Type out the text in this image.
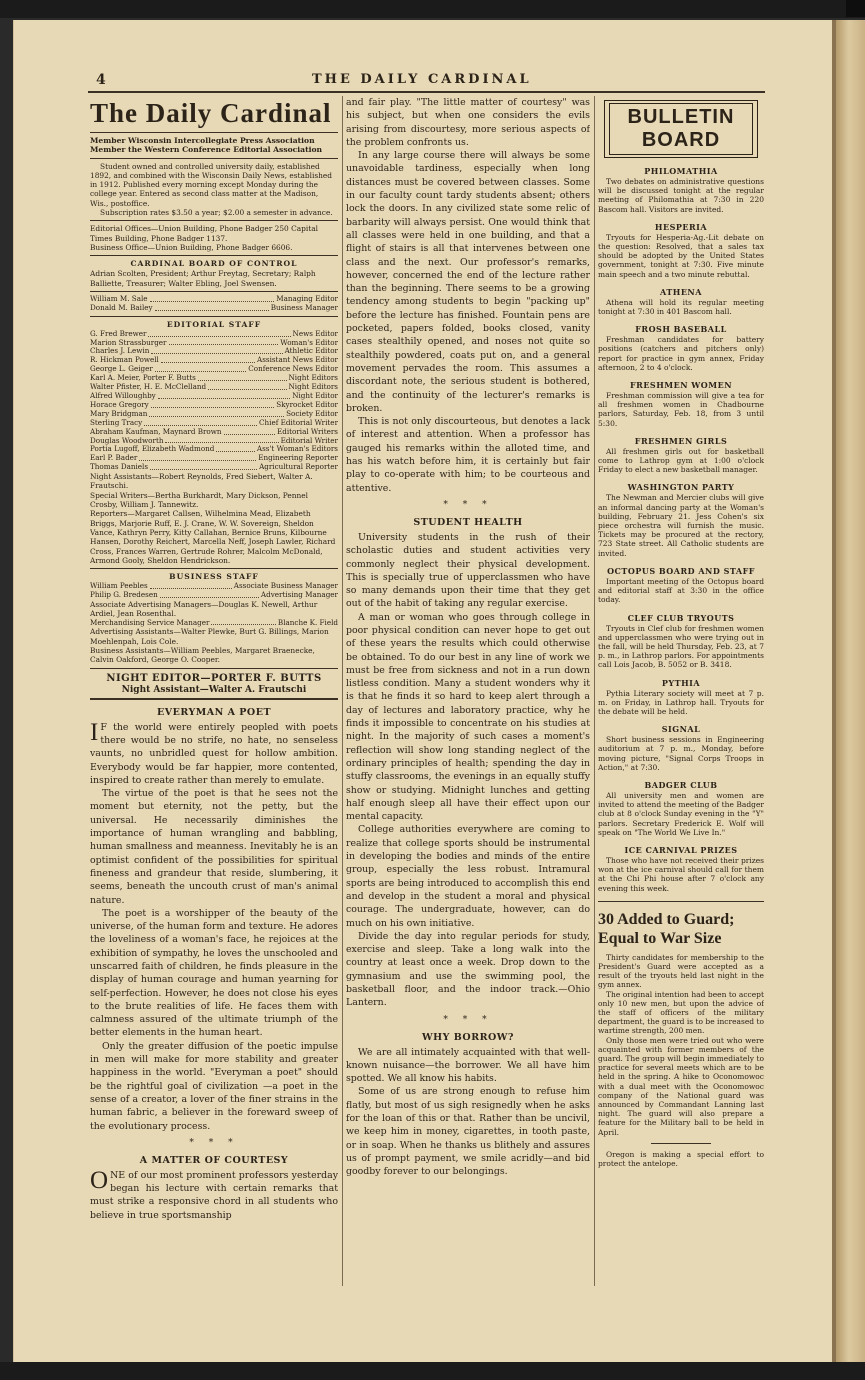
4	THE DAILY CARDINAL
The Daily Cardinal

Member Wisconsin Intercollegiate Press Association Member the Western Conference Editorial Association

Student owned and controlled university daily, established 1892, and combined with the Wisconsin Daily News, established in 1912. Published every morning except Monday during the college year. Entered as second class matter at the Madison, Wis., postoffice.

Subscription rates $3.50 a year; $2.00 a semester in advance.

Editorial Offices—Union Building, Phone Badger 250 Capital Times Building, Phone Badger 1137.

Business Office—Union Building, Phone Badger 6606.

CARDINAL BOARD OF CONTROL

Adrian Scolten, President; Arthur Freytag, Secretary; Ralph Balliette, Treasurer; Walter Ebling, Joel Swensen.

William M. Sale	Managing Editor
Donald M. Bailey	Business Manager
EDITORIAL STAFF
G. Fred Brewer	News Editor
Marion Strassburger	Woman's Editor
Charles J. Lewin	Athletic Editor
R. Hickman Powell	Assistant News Editor
George L. Geiger	Conference News Editor
Karl A. Meier, Porter F. Butts	Night Editors
Walter Pfister, H. E. McClelland	Night Editors
Alfred Willoughby	Night Editor
Horace Gregory	Skyrocket Editor
Mary Bridgman	Society Editor
Sterling Tracy	Chief Editorial Writer
Abraham Kaufman, Maynard Brown	Editorial Writers
Douglas Woodworth	Editorial Writer
Portia Lugoff, Elizabeth Wadmond	Ass't Woman's Editors
Earl P. Bader	Engineering Reporter
Thomas Daniels	Agricultural Reporter

Night Assistants—Robert Reynolds, Fred Siebert, Walter A. Frautschi.

Special Writers—Bertha Burkhardt, Mary Dickson, Pennel Crosby, William J. Tannewitz.

Reporters—Margaret Callsen, Wilhelmina Mead, Elizabeth Briggs, Marjorie Ruff, E. J. Crane, W. W. Sovereign, Sheldon Vance, Kathryn Perry, Kitty Callahan, Bernice Bruns, Kilbourne Hansen, Dorothy Reichert, Marcella Neff, Joseph Lawler, Richard Cross, Frances Warren, Gertrude Rohrer, Malcolm McDonald, Armond Gooly, Sheldon Hendrickson.

BUSINESS STAFF
William Peebles	Associate Business Manager
Philip G. Bredesen	Advertising Manager

Associate Advertising Managers—Douglas K. Newell, Arthur Ardiel, Jean Rosenthal.

Merchandising Service Manager	Blanche K. Field

Advertising Assistants—Walter Plewke, Burt G. Billings, Marion Moehlenpah, Lois Cole.

Business Assistants—William Peebles, Margaret Braenecke, Calvin Oakford, George O. Cooper.

NIGHT EDITOR—PORTER F. BUTTS
Night Assistant—Walter A. Frautschi
EVERYMAN A POET

I F the world were entirely peopled with poets there would be no strife, no hate, no senseless vaunts, no unbridled quest for hollow ambition. Everybody would be far happier, more contented, inspired to create rather than merely to emulate.

The virtue of the poet is that he sees not the moment but eternity, not the petty, but the universal. He necessarily diminishes the importance of human wrangling and babbling, human smallness and meanness. Inevitably he is an optimist confident of the possibilities for spiritual fineness and grandeur that reside, slumbering, it seems, beneath the uncouth crust of man's animal nature.

The poet is a worshipper of the beauty of the universe, of the human form and texture. He adores the loveliness of a woman's face, he rejoices at the exhibition of sympathy, he loves the unschooled and unscarred faith of children, he finds pleasure in the display of human courage and human yearning for self-perfection. However, he does not close his eyes to the brute realities of life. He faces them with calmness assured of the ultimate triumph of the better elements in the human heart.

Only the greater diffusion of the poetic impulse in men will make for more stability and greater happiness in the world. "Everyman a poet" should be the rightful goal of civilization —a poet in the sense of a creator, a lover of the finer strains in the human fabric, a believer in the foreward sweep of the evolutionary process.

* * *
A MATTER OF COURTESY

ONE of our most prominent professors yesterday began his lecture with certain remarks that must strike a responsive chord in all students who believe in true sportsmanship

and fair play. "The little matter of courtesy" was his subject, but when one considers the evils arising from discourtesy, more serious aspects of the problem confronts us.

In any large course there will always be some unavoidable tardiness, especially when long distances must be covered between classes. Some in our faculty count tardy students absent; others lock the doors. In any civilized state some relic of barbarity will always persist. One would think that all classes were held in one building, and that a flight of stairs is all that intervenes between one class and the next. Our professor's remarks, however, concerned the end of the lecture rather than the beginning. There seems to be a growing tendency among students to begin "packing up" before the lecture has finished. Fountain pens are pocketed, papers folded, books closed, vanity cases stealthily opened, and noses not quite so stealthily powdered, coats put on, and a general movement pervades the room. This assumes a discordant note, the serious student is bothered, and the continuity of the lecturer's remarks is broken.

This is not only discourteous, but denotes a lack of interest and attention. When a professor has gauged his remarks within the alloted time, and has his watch before him, it is certainly but fair play to co-operate with him; to be courteous and attentive.

* * *
STUDENT HEALTH

University students in the rush of their scholastic duties and student activities very commonly neglect their physical development. This is specially true of upperclassmen who have so many demands upon their time that they get out of the habit of taking any regular exercise.

A man or woman who goes through college in poor physical condition can never hope to get out of these years the results which could otherwise be obtained. To do our best in any line of work we must be free from sickness and not in a run down listless condition. Many a student wonders why it is that he finds it so hard to keep alert through a day of lectures and laboratory practice, why he finds it impossible to concentrate on his studies at night. In the majority of such cases a moment's reflection will show long standing neglect of the ordinary principles of health; spending the day in stuffy classrooms, the evenings in an equally stuffy show or studying. Midnight lunches and getting half enough sleep all have their effect upon our mental capacity.

College authorities everywhere are coming to realize that college sports should be instrumental in developing the bodies and minds of the entire group, especially the less robust. Intramural sports are being introduced to accomplish this end and develop in the student a moral and physical courage. The undergraduate, however, can do much on his own initiative.

Divide the day into regular periods for study, exercise and sleep. Take a long walk into the country at least once a week. Drop down to the gymnasium and use the swimming pool, the basketball floor, and the indoor track.—Ohio Lantern.

* * *
WHY BORROW?

We are all intimately acquainted with that well-known nuisance—the borrower. We all have him spotted. We all know his habits.

Some of us are strong enough to refuse him flatly, but most of us sigh resignedly when he asks for the loan of this or that. Rather than be uncivil, we keep him in money, cigarettes, in tooth paste, or in soap. When he thanks us blithely and assures us of prompt payment, we smile acridly—and bid goodby forever to our belongings.

BULLETIN BOARD
PHILOMATHIA

Two debates on administrative questions will be discussed tonight at the regular meeting of Philomathia at 7:30 in 220 Bascom hall. Visitors are invited.

HESPERIA

Tryouts for Hesperia-Ag.-Lit debate on the question: Resolved, that a sales tax should be adopted by the United States government, tonight at 7:30. Five minute main speech and a two minute rebuttal.

ATHENA

Athena will hold its regular meeting tonight at 7:30 in 401 Bascom hall.

FROSH BASEBALL

Freshman candidates for battery positions (catchers and pitchers only) report for practice in gym annex, Friday afternoon, 2 to 4 o'clock.

FRESHMEN WOMEN

Freshman commission will give a tea for all freshmen women in Chadbourne parlors, Saturday, Feb. 18, from 3 until 5:30.

FRESHMEN GIRLS

All freshmen girls out for basketball come to Lathrop gym at 1:00 o'clock Friday to elect a new basketball manager.

WASHINGTON PARTY

The Newman and Mercier clubs will give an informal dancing party at the Woman's building, February 21. Jess Cohen's six piece orchestra will furnish the music. Tickets may be procured at the rectory, 723 State street. All Catholic students are invited.

OCTOPUS BOARD AND STAFF

Important meeting of the Octopus board and editorial staff at 3:30 in the office today.

CLEF CLUB TRYOUTS

Tryouts in Clef club for freshmen women and upperclassmen who were trying out in the fall, will be held Thursday, Feb. 23, at 7 p. m., in Lathrop parlors. For appointments call Lois Jacob, B. 5052 or B. 3418.

PYTHIA

Pythia Literary society will meet at 7 p. m. on Friday, in Lathrop hall. Tryouts for the debate will be held.

SIGNAL

Short business sessions in Engineering auditorium at 7 p. m., Monday, before moving picture, "Signal Corps Troops in Action," at 7:30.

BADGER CLUB

All university men and women are invited to attend the meeting of the Badger club at 8 o'clock Sunday evening in the "Y" parlors. Secretary Frederick E. Wolf will speak on "The World We Live In."

ICE CARNIVAL PRIZES

Those who have not received their prizes won at the ice carnival should call for them at the Chi Phi house after 7 o'clock any evening this week.

30 Added to Guard; Equal to War Size

Thirty candidates for membership to the President's Guard were accepted as a result of the tryouts held last night in the gym annex.

The original intention had been to accept only 10 new men, but upon the advice of the staff of officers of the military department, the guard is to be increased to wartime strength, 200 men.

Only those men were tried out who were acquainted with former members of the guard. The group will begin immediately to practice for several meets which are to be held in the spring. A hike to Oconomowoc with a dual meet with the Oconomowoc company of the National guard was announced by Commandant Lanning last night. The guard will also prepare a feature for the Military ball to be held in April.

Oregon is making a special effort to protect the antelope.
